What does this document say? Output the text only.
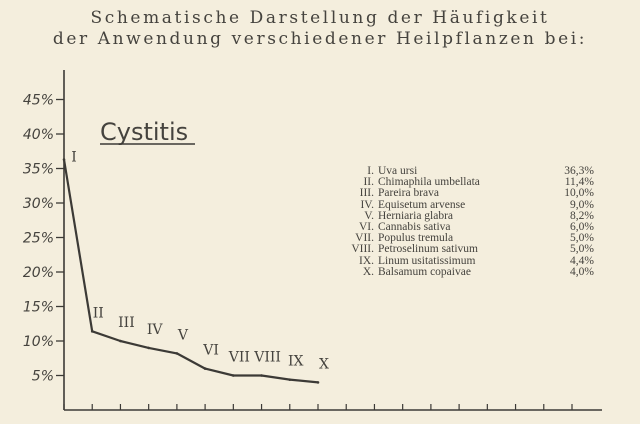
Schematische Darstellung der Häufigkeit
der Anwendung verschiedener Heilpflanzen bei:
5%
10%
15%
20%
25%
30%
35%
40%
45%
Cystitis
I
II
III IV V
VI VII VIII IX X
I. Uva ursi	36,3%
II. Chimaphila umbellata	11,4%
III. Pareira brava	10,0%
IV. Equisetum arvense	9,0%
V. Herniaria glabra	8,2%
VI. Cannabis sativa	6,0%
VII. Populus tremula	5,0%
VIII. Petroselinum sativum	5,0%
IX. Linum usitatissimum	4,4%
X. Balsamum copaivae	4,0%
